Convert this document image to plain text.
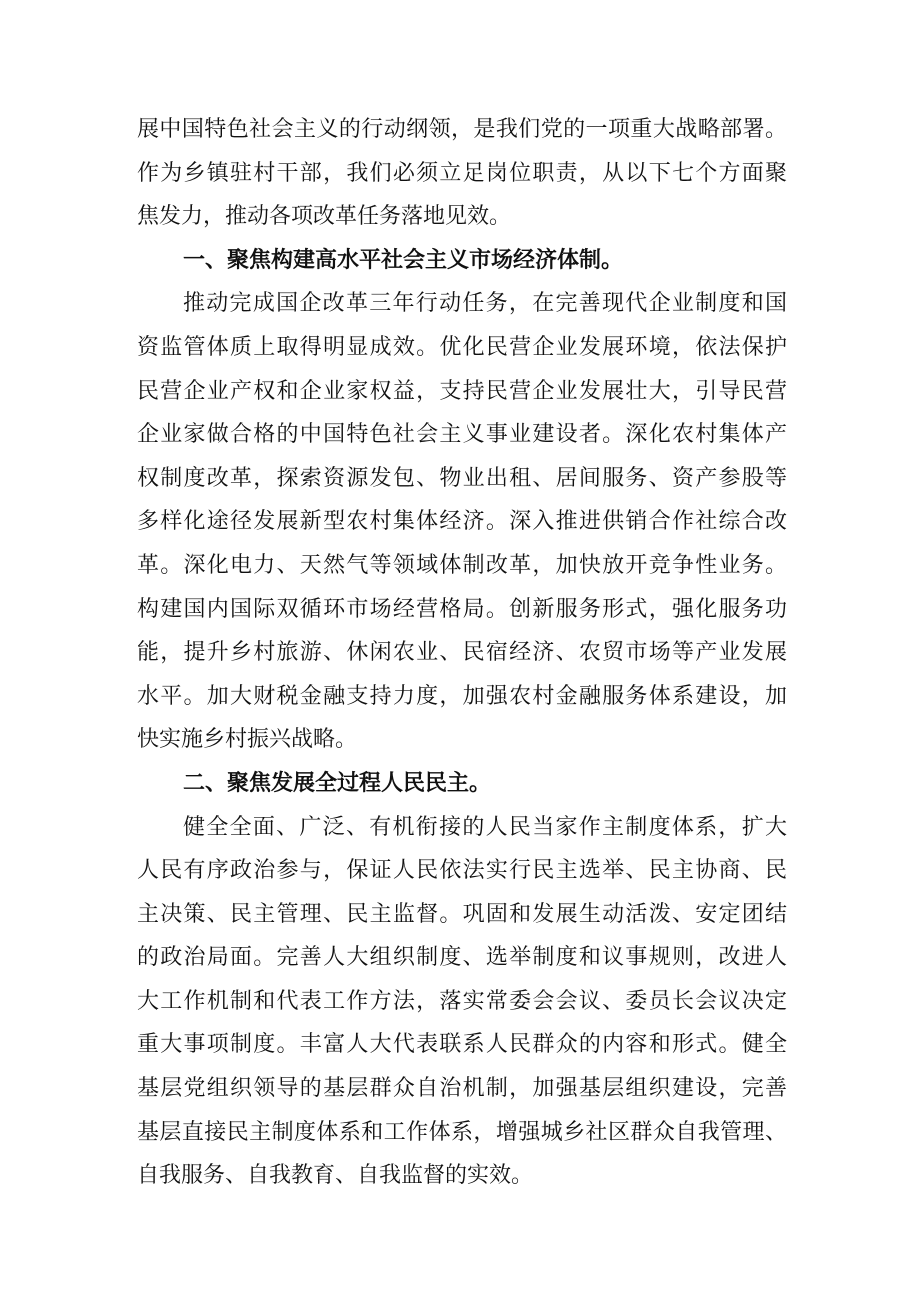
展中国特色社会主义的行动纲领，是我们党的一项重大战略部署。
作为乡镇驻村干部，我们必须立足岗位职责，从以下七个方面聚
焦发力，推动各项改革任务落地见效。
一、聚焦构建高水平社会主义市场经济体制。
推动完成国企改革三年行动任务，在完善现代企业制度和国
资监管体质上取得明显成效。优化民营企业发展环境，依法保护
民营企业产权和企业家权益，支持民营企业发展壮大，引导民营
企业家做合格的中国特色社会主义事业建设者。深化农村集体产
权制度改革，探索资源发包、物业出租、居间服务、资产参股等
多样化途径发展新型农村集体经济。深入推进供销合作社综合改
革。深化电力、天然气等领域体制改革，加快放开竞争性业务。
构建国内国际双循环市场经营格局。创新服务形式，强化服务功
能，提升乡村旅游、休闲农业、民宿经济、农贸市场等产业发展
水平。加大财税金融支持力度，加强农村金融服务体系建设，加
快实施乡村振兴战略。
二、聚焦发展全过程人民民主。
健全全面、广泛、有机衔接的人民当家作主制度体系，扩大
人民有序政治参与，保证人民依法实行民主选举、民主协商、民
主决策、民主管理、民主监督。巩固和发展生动活泼、安定团结
的政治局面。完善人大组织制度、选举制度和议事规则，改进人
大工作机制和代表工作方法，落实常委会会议、委员长会议决定
重大事项制度。丰富人大代表联系人民群众的内容和形式。健全
基层党组织领导的基层群众自治机制，加强基层组织建设，完善
基层直接民主制度体系和工作体系，增强城乡社区群众自我管理、
自我服务、自我教育、自我监督的实效。
